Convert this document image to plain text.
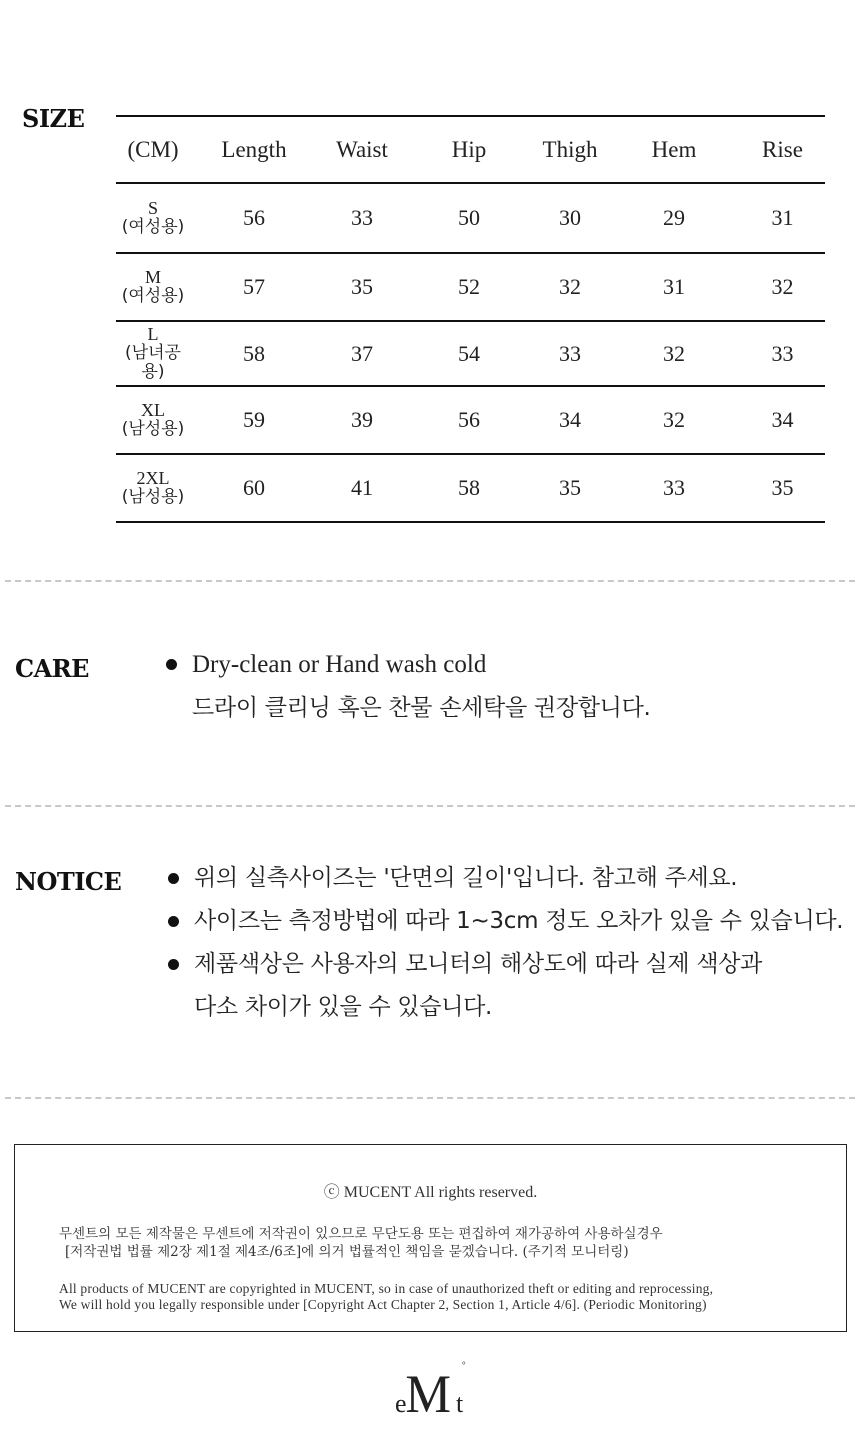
SIZE
(CM)	Length	Waist	Hip	Thigh	Hem	Rise

S
(여성용)	56	33	50	30	29	31

M
(여성용)	57	35	52	32	31	32

L
(남녀공용)	58	37	54	33	32	33

XL
(남성용)	59	39	56	34	32	34

2XL
(남성용)	60	41	58	35	33	35
CARE	Dry-clean or Hand wash cold
드라이 클리닝 혹은 찬물 손세탁을 권장합니다.
NOTICE	위의 실측사이즈는 '단면의 길이'입니다. 참고해 주세요.
사이즈는 측정방법에 따라 1~3cm 정도 오차가 있을 수 있습니다.
제품색상은 사용자의 모니터의 해상도에 따라 실제 색상과
다소 차이가 있을 수 있습니다.
ⓒ MUCENT All rights reserved.
무센트의 모든 제작물은 무센트에 저작권이 있으므로 무단도용 또는 편집하여 재가공하여 사용하실경우
[저작권법 법률 제2장 제1절 제4조/6조]에 의거 법률적인 책임을 묻겠습니다. (주기적 모니터링)
All products of MUCENT are copyrighted in MUCENT, so in case of unauthorized theft or editing and reprocessing,
We will hold you legally responsible under [Copyright Act Chapter 2, Section 1, Article 4/6]. (Periodic Monitoring)
e
M t
°
